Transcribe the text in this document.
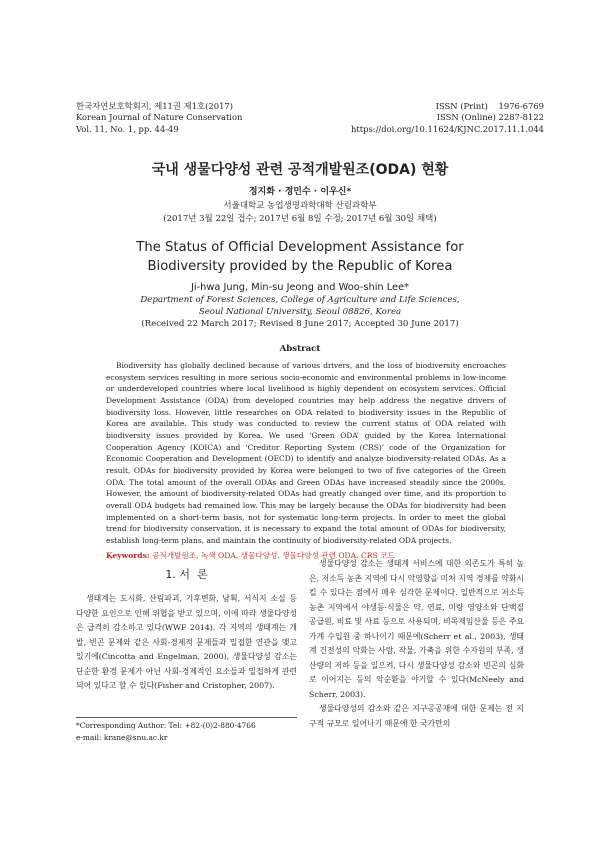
한국자연보호학회지, 제11권 제1호(2017)
Korean Journal of Nature Conservation
Vol. 11, No. 1, pp. 44-49
ISSN (Print)    1976-6769
ISSN (Online) 2287-8122
https://doi.org/10.11624/KJNC.2017.11.1.044
국내 생물다양성 관련 공적개발원조(ODA) 현황
정지화 · 정민수 · 이우신*
서울대학교 농업생명과학대학 산림과학부
(2017년 3월 22일 접수; 2017년 6월 8일 수정; 2017년 6월 30일 채택)
The Status of Official Development Assistance for
Biodiversity provided by the Republic of Korea
Ji-hwa Jung, Min-su Jeong and Woo-shin Lee*
Department of Forest Sciences, College of Agriculture and Life Sciences,
Seoul National University, Seoul 08826, Korea
(Received 22 March 2017; Revised 8 June 2017; Accepted 30 June 2017)
Abstract

Biodiversity has globally declined because of various drivers, and the loss of biodiversity encroaches ecosystem services resulting in more serious socio-economic and environmental problems in low-income or underdeveloped countries where local livelihood is highly dependent on ecosystem services. Official Development Assistance (ODA) from developed countries may help address the negative drivers of biodiversity loss. However, little researches on ODA related to biodiversity issues in the Republic of Korea are available. This study was conducted to review the current status of ODA related with biodiversity issues provided by Korea. We used ‘Green ODA’ guided by the Korea International Cooperation Agency (KOICA) and ‘Creditor Reporting System (CRS)’ code of the Organization for Economic Cooperation and Development (OECD) to identify and analyze biodiversity-related ODAs. As a result, ODAs for biodiversity provided by Korea were belonged to two of five categories of the Green ODA. The total amount of the overall ODAs and Green ODAs have increased steadily since the 2000s. However, the amount of biodiversity-related ODAs had greatly changed over time, and its proportion to overall ODA budgets had remained low. This may be largely because the ODAs for biodiversity had been implemented on a short-term basis, not for systematic long-term projects. In order to meet the global trend for biodiversity conservation, it is necessary to expand the total amount of ODAs for biodiversity, establish long-term plans, and maintain the continuity of biodiversity-related ODA projects.

Keywords: 공적개발원조, 녹색 ODA, 생물다양성, 생물다양성 관련 ODA, CRS 코드
1. 서  론

생태계는 도시화, 산림파괴, 기후변화, 남획, 서식지 소실 등 다양한 요인으로 인해 위협을 받고 있으며, 이에 따라 생물다양성은 급격히 감소하고 있다(WWF 2014). 각 지역의 생태계는 개발, 빈곤 문제와 같은 사회-경제적 문제들과 밀접한 연관을 맺고 있기에(Cincotta and Engelman, 2000), 생물다양성 감소는 단순한 환경 문제가 아닌 사회-경제적인 요소들과 밀접하게 관련되어 있다고 할 수 있다(Fisher and Cristopher, 2007).

*Corresponding Author: Tel: +82-(0)2-880-4766
e-mail: krane@snu.ac.kr

생물다양성 감소는 생태계 서비스에 대한 의존도가 특히 높은, 저소득 농촌 지역에 다시 악영향을 미쳐 지역 경제를 약화시킬 수 있다는 점에서 매우 심각한 문제이다. 일반적으로 저소득 농촌 지역에서 야생동·식물은 약, 연료, 미량 영양소와 단백질 공급원, 비료 및 사료 등으로 사용되며, 비목재임산물 등은 주요 가계 수입원 중 하나이기 때문에(Scherr et al., 2003), 생태계 건전성의 악화는 사람, 작물, 가축을 위한 수자원의 부족, 생산량의 저하 등을 일으켜, 다시 생물다양성 감소와 빈곤의 심화로 이어지는 등의 악순환을 야기할 수 있다(McNeely and Scherr, 2003).

생물다양성의 감소와 같은 지구공공재에 대한 문제는 전 지구적 규모로 일어나기 때문에 한 국가만의
